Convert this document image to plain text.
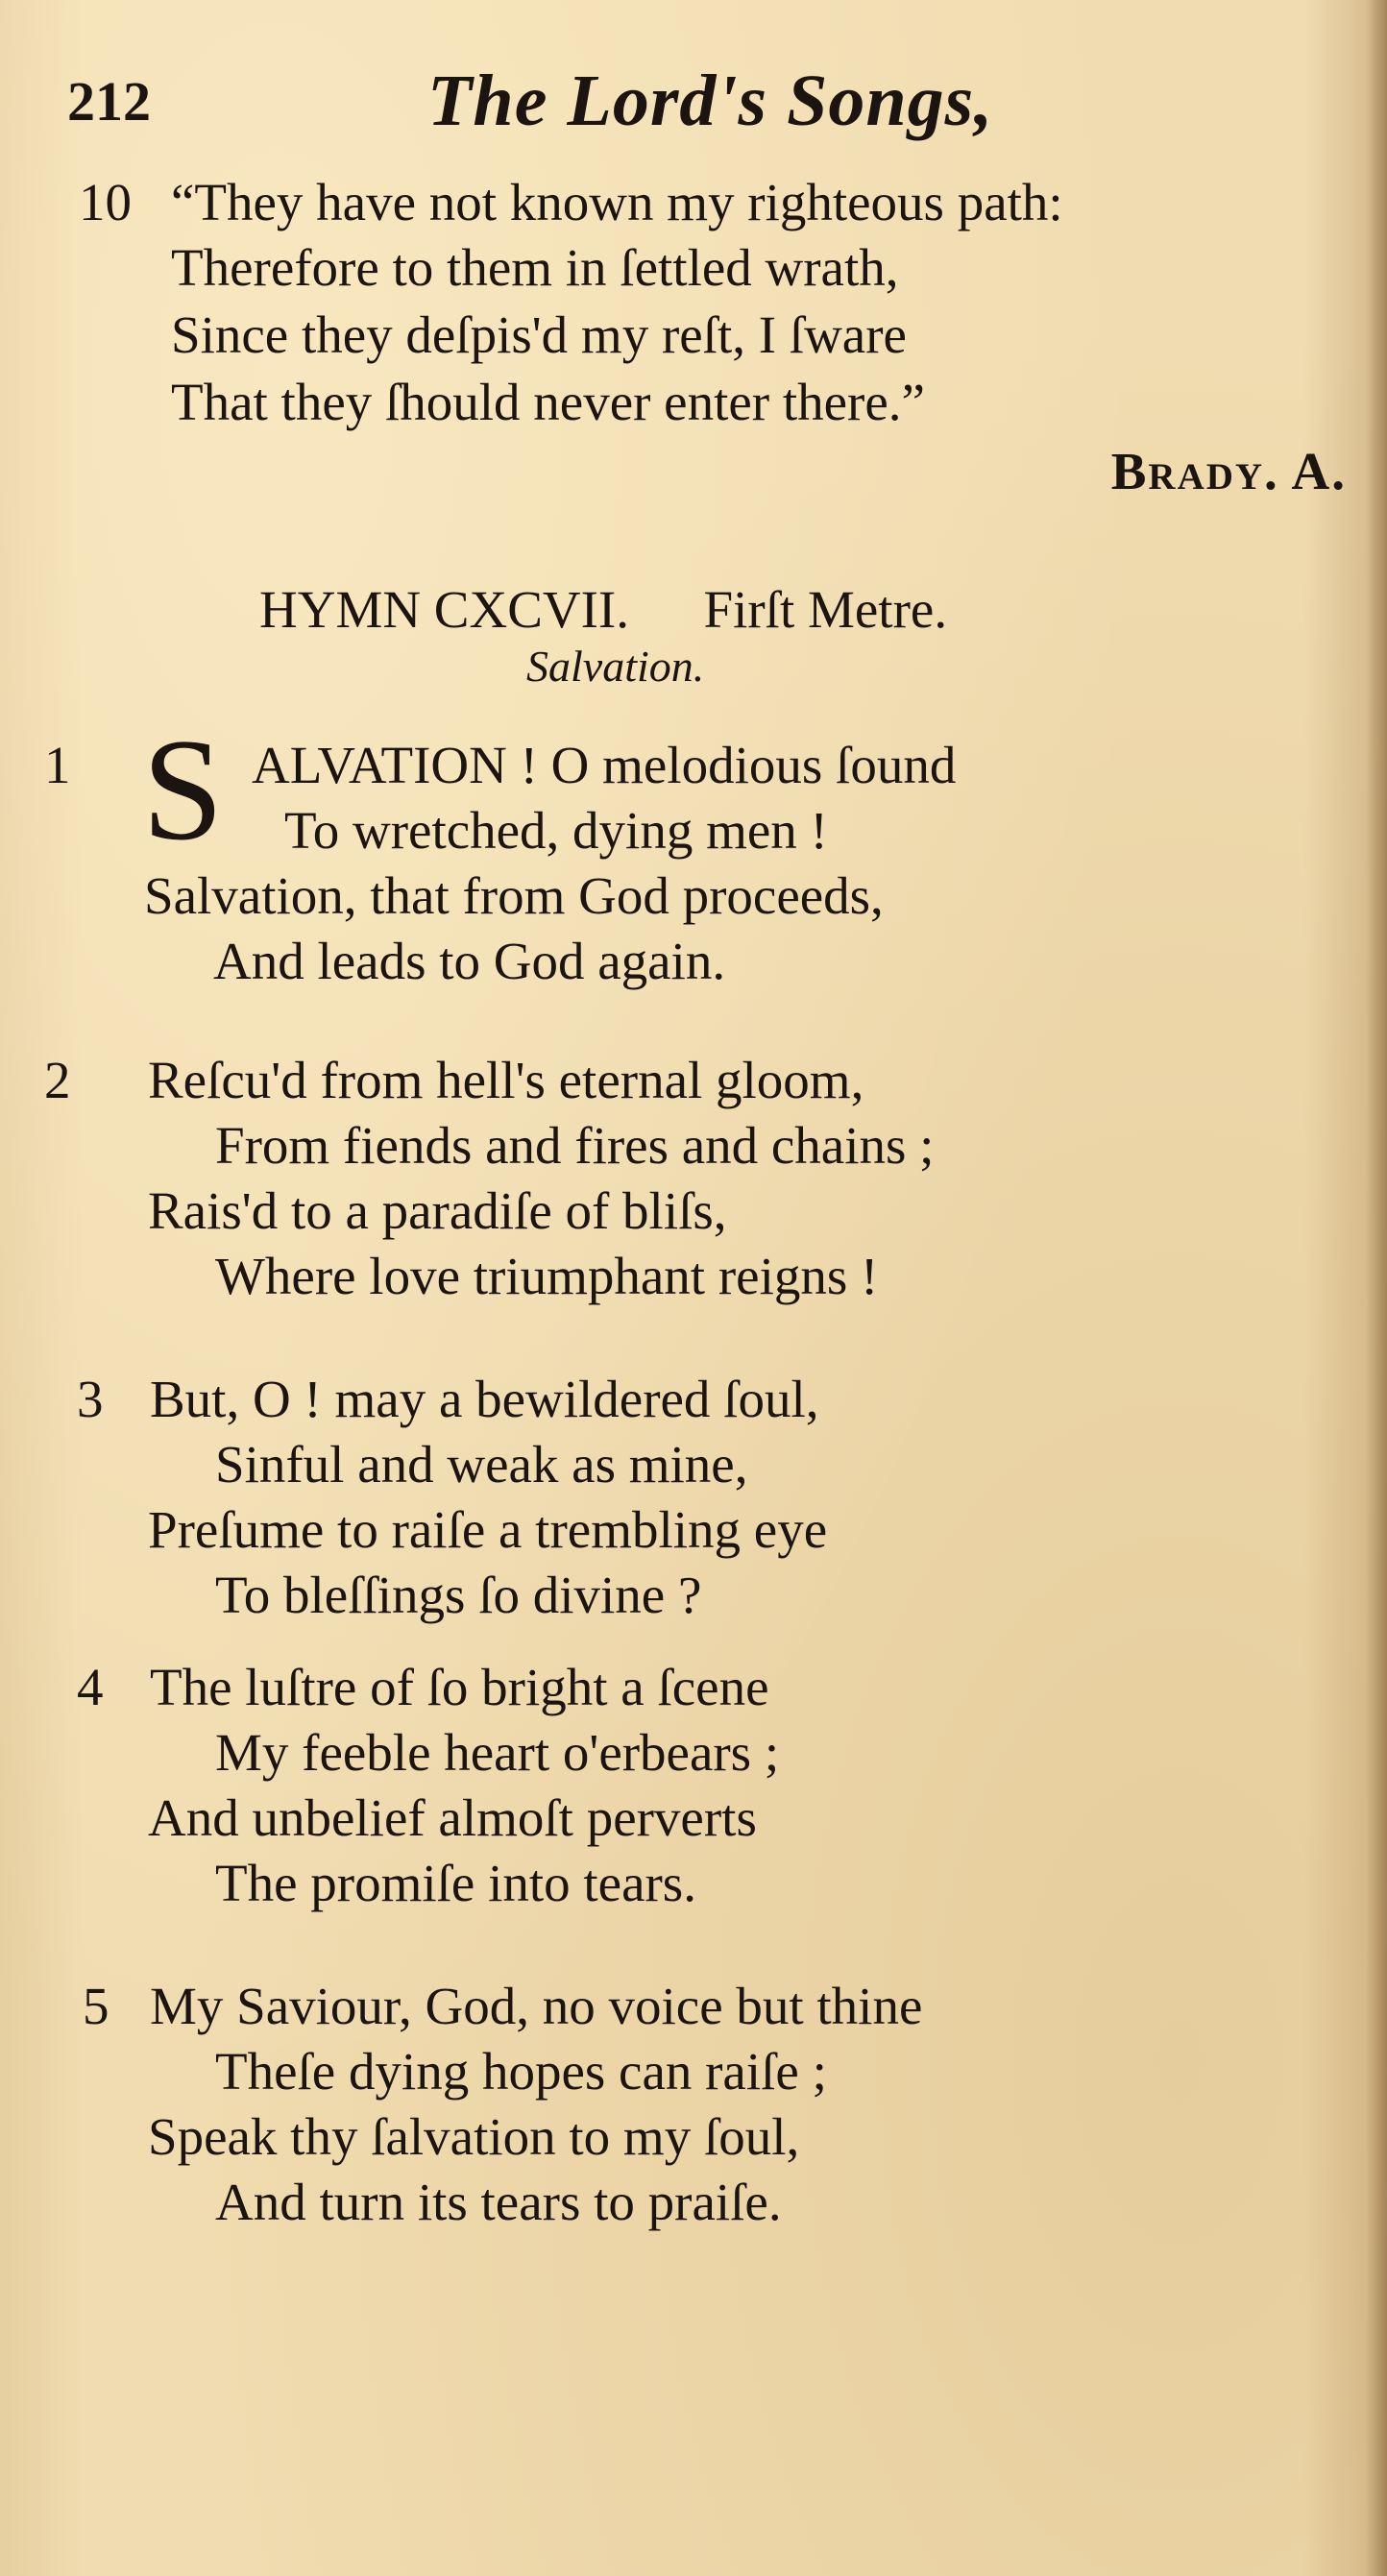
212	The Lord's Songs,
10 “They have not known my righteous path:
Therefore to them in ſettled wrath,
Since they deſpis'd my reſt, I ſware
That they ſhould never enter there.”
Brady. A.
HYMN CXCVII. Firſt Metre.
Salvation.
1 S ALVATION ! O melodious ſound
To wretched, dying men !
Salvation, that from God proceeds,
And leads to God again.
2 Reſcu'd from hell's eternal gloom,
From fiends and fires and chains ;
Rais'd to a paradiſe of bliſs,
Where love triumphant reigns !
3 But, O ! may a bewildered ſoul,
Sinful and weak as mine,
Preſume to raiſe a trembling eye
To bleſſings ſo divine ?
4 The luſtre of ſo bright a ſcene
My feeble heart o'erbears ;
And unbelief almoſt perverts
The promiſe into tears.
5 My Saviour, God, no voice but thine
Theſe dying hopes can raiſe ;
Speak thy ſalvation to my ſoul,
And turn its tears to praiſe.
